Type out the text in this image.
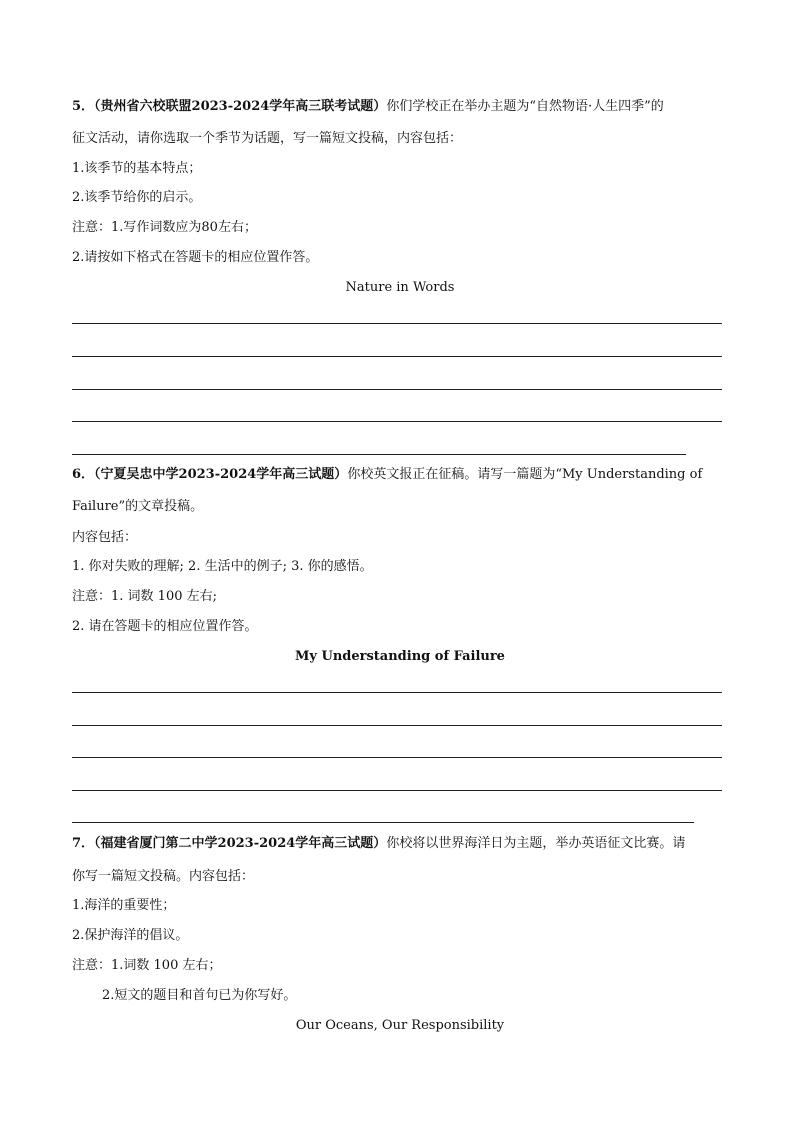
5．（贵州省六校联盟2023-2024学年高三联考试题）你们学校正在举办主题为“自然物语·人生四季”的
征文活动，请你选取一个季节为话题，写一篇短文投稿，内容包括：
1.该季节的基本特点；
2.该季节给你的启示。
注意：1.写作词数应为80左右；
2.请按如下格式在答题卡的相应位置作答。
Nature in Words
6．（宁夏吴忠中学2023-2024学年高三试题）你校英文报正在征稿。请写一篇题为“My Understanding of
Failure”的文章投稿。
内容包括：
1. 你对失败的理解; 2. 生活中的例子; 3. 你的感悟。
注意：1. 词数 100 左右;
2. 请在答题卡的相应位置作答。
My Understanding of Failure
7．（福建省厦门第二中学2023-2024学年高三试题）你校将以世界海洋日为主题，举办英语征文比赛。请
你写一篇短文投稿。内容包括：
1.海洋的重要性；
2.保护海洋的倡议。
注意：1.词数 100 左右；
2.短文的题目和首句已为你写好。
Our Oceans, Our Responsibility
